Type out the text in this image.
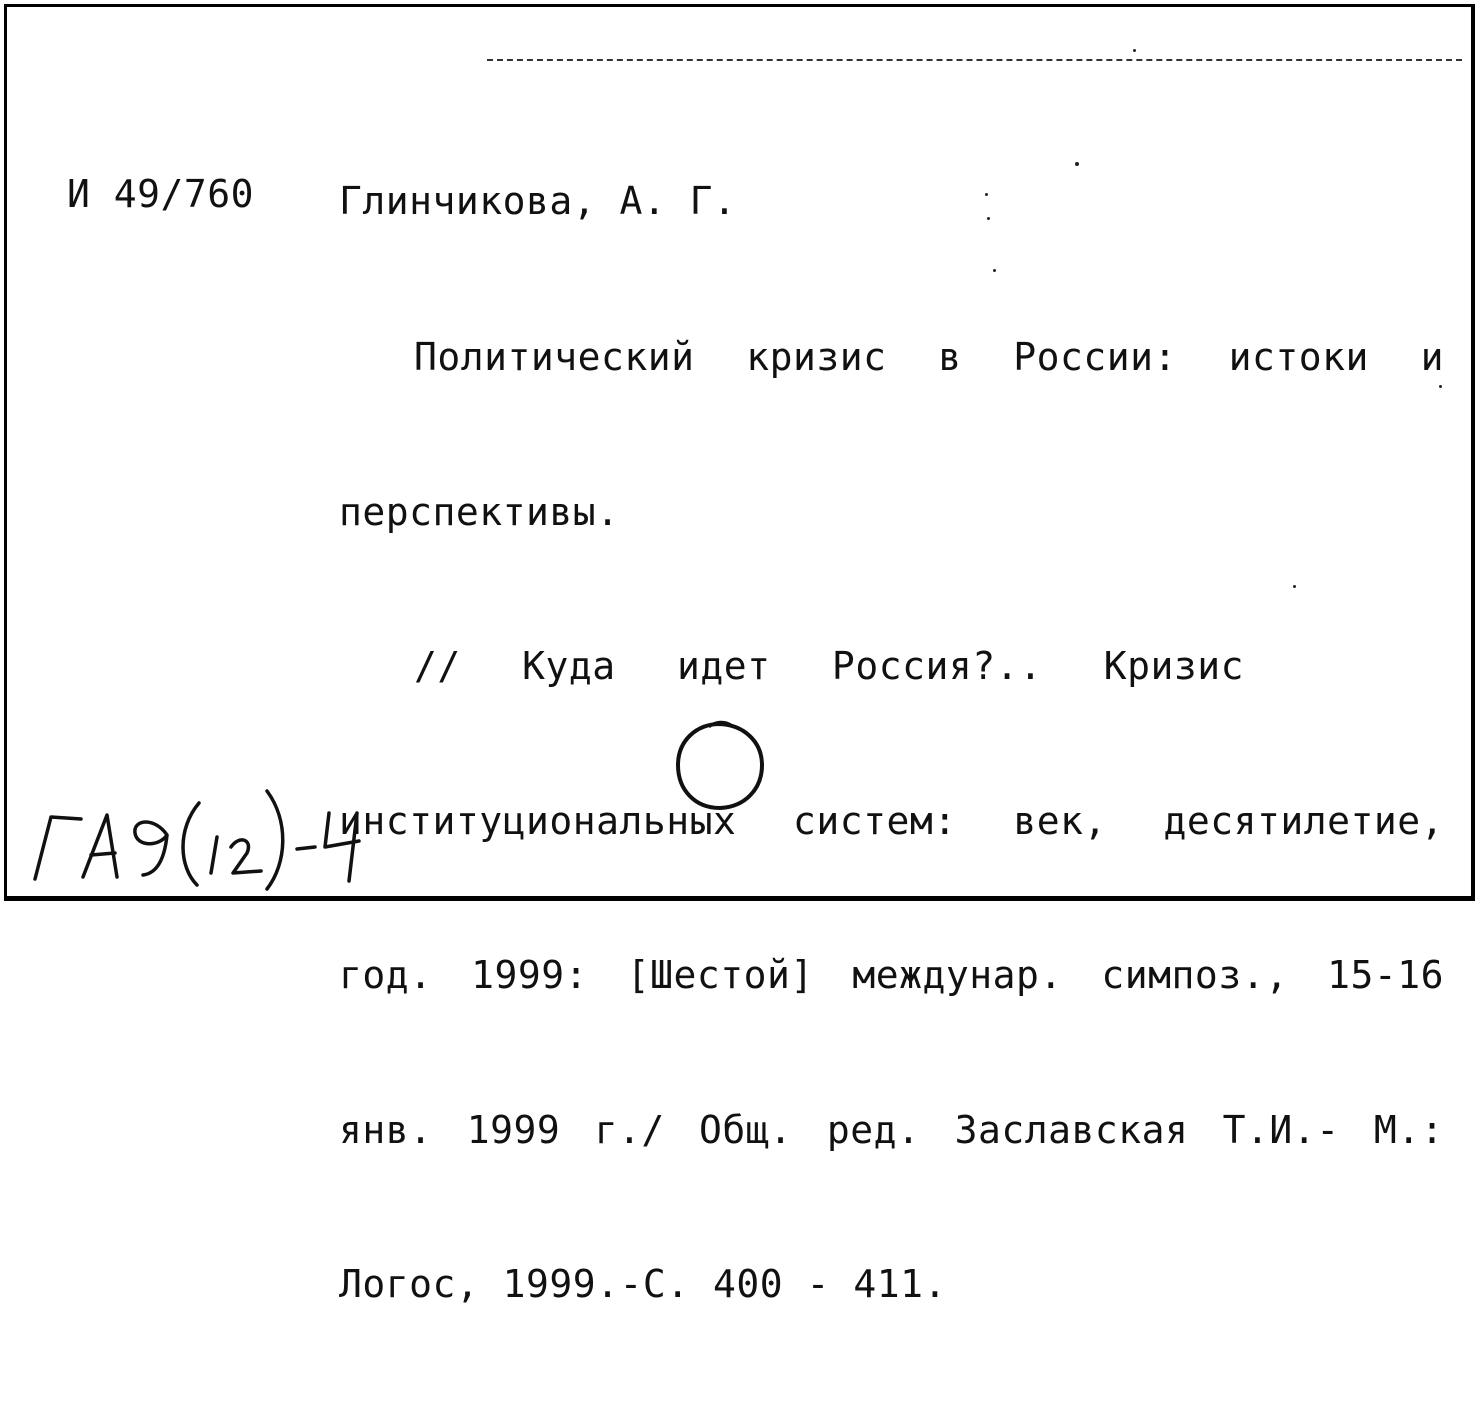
И 49/760 Глинчикова, А. Г.

Политический кризис в России: истоки и

перспективы.

// Куда идет Россия?.. Кризис

институциональных систем: век, десятилетие,

год. 1999: [Шестой] междунар. симпоз., 15-16

янв. 1999 г./ Общ. ред. Заславская Т.И.- М.:

Логос, 1999.-С. 400 - 411.
